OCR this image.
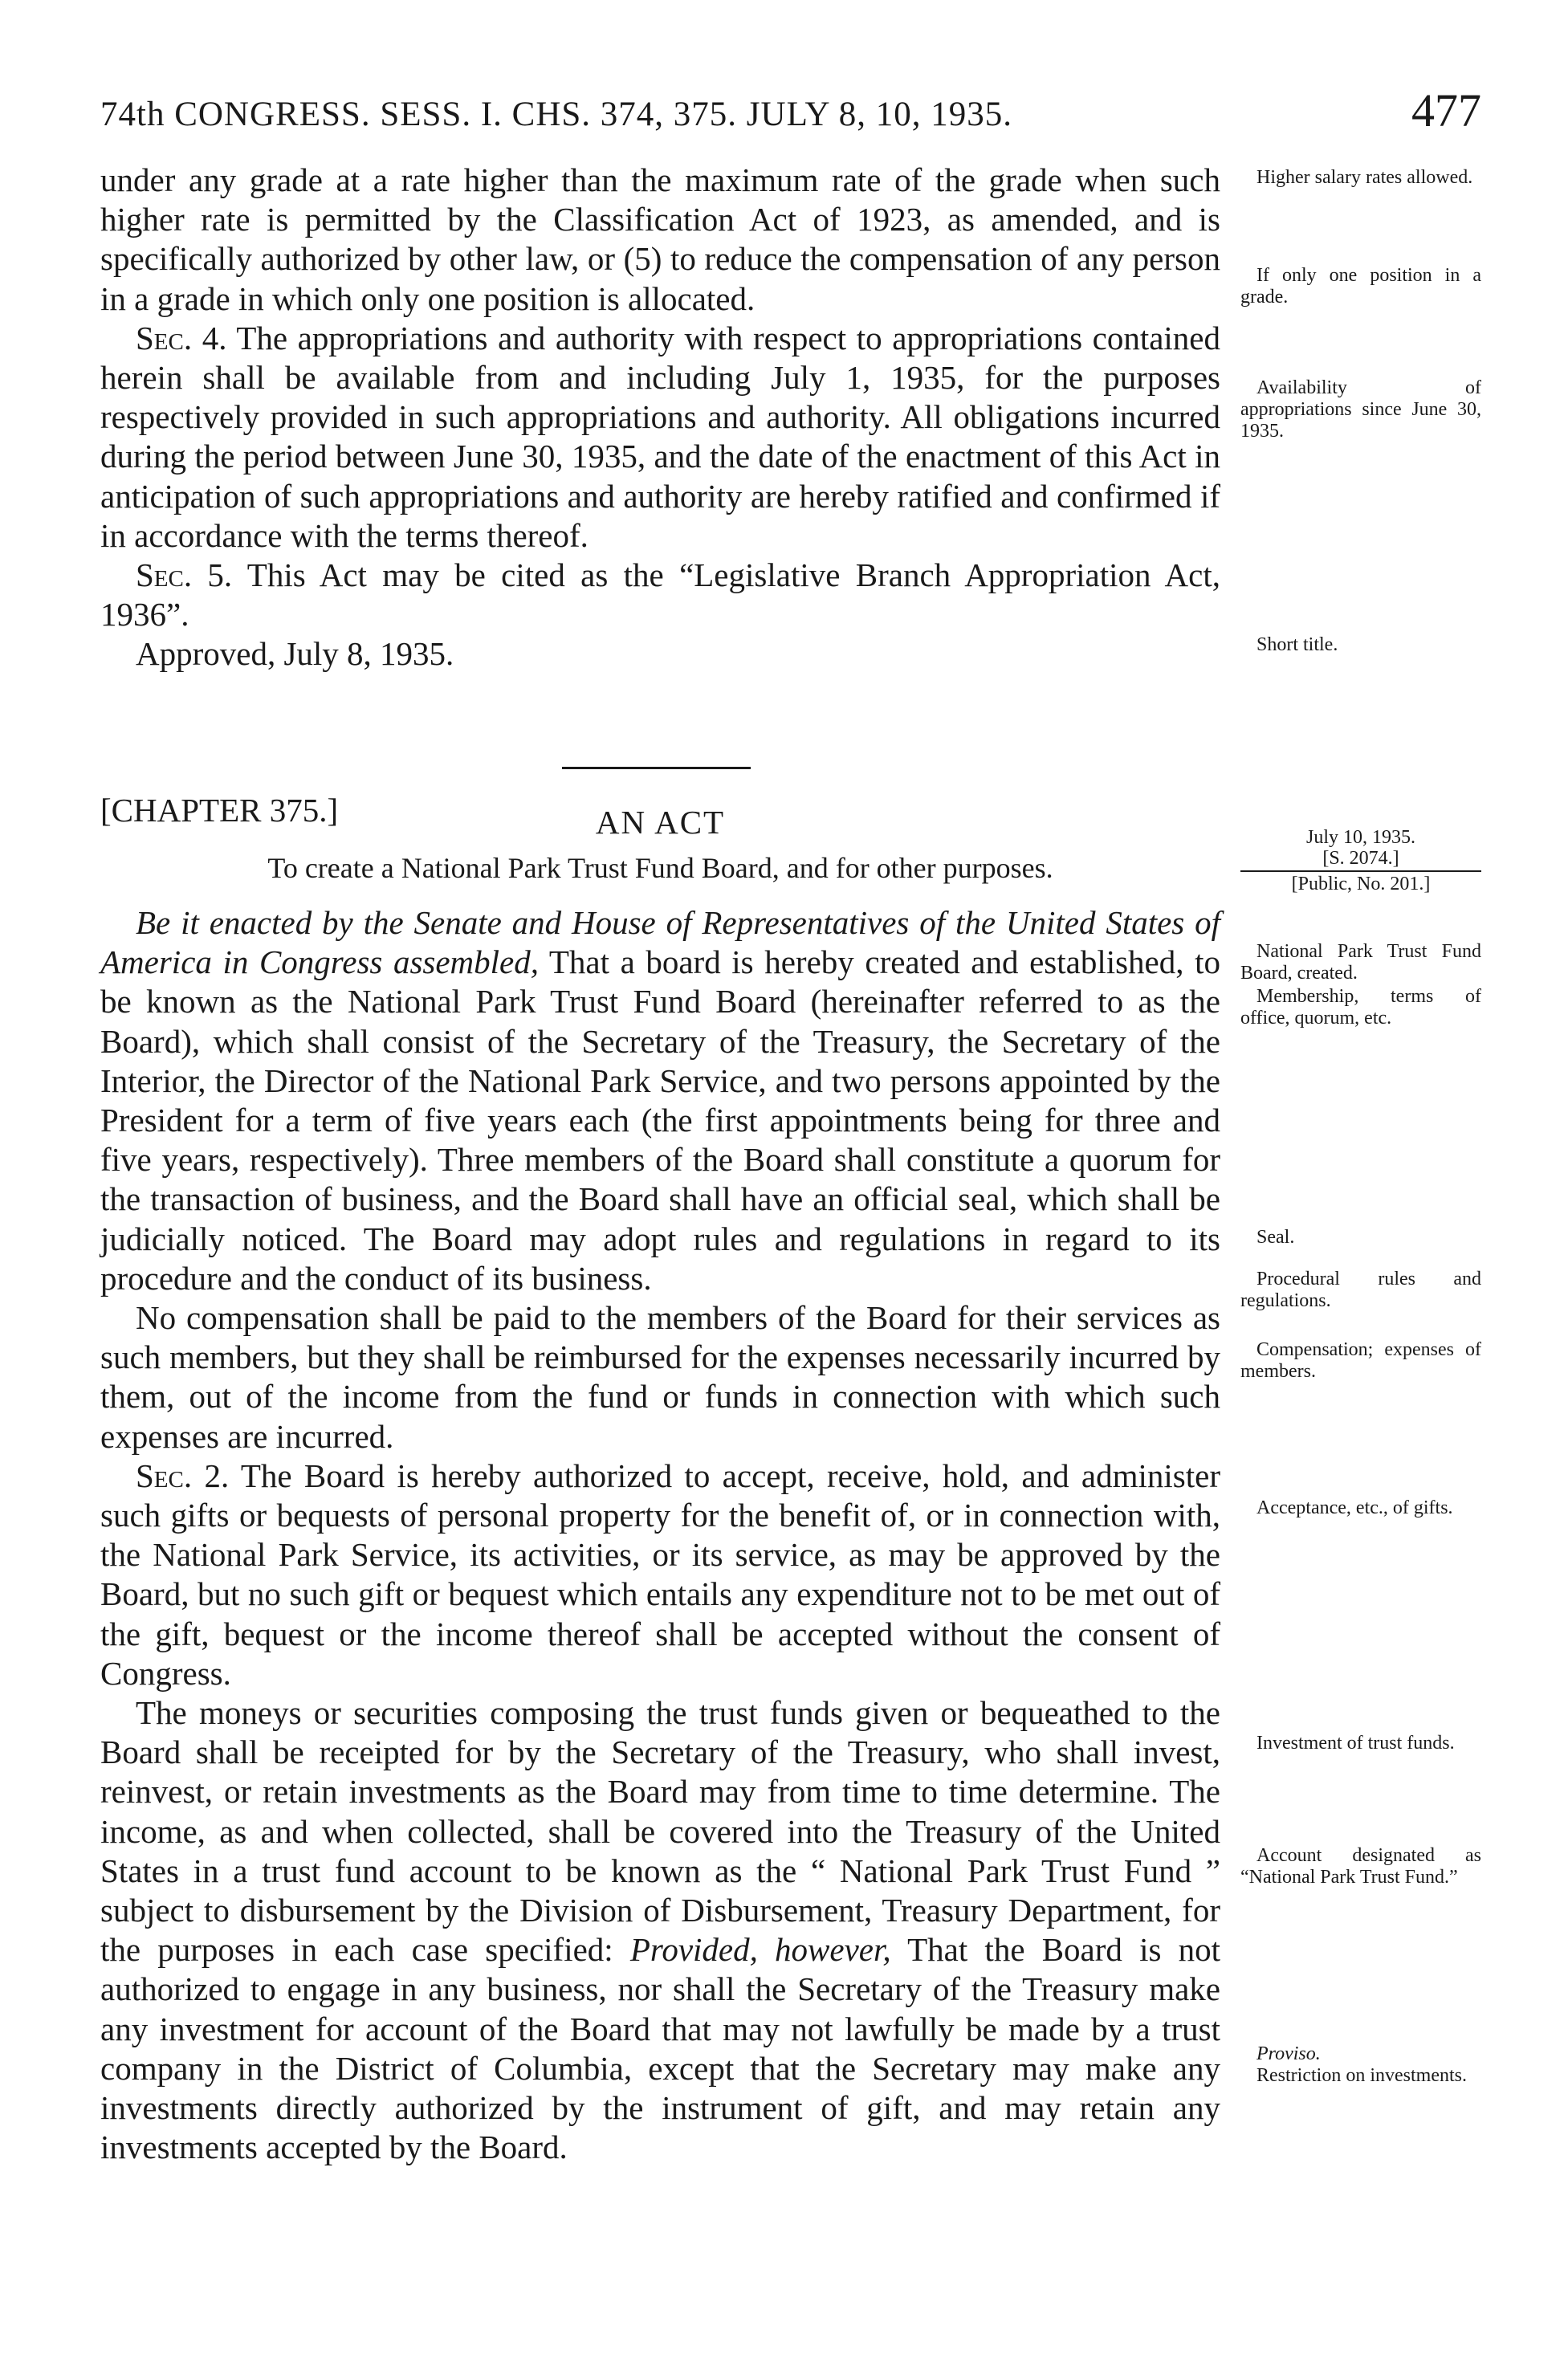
74th CONGRESS. SESS. I. CHS. 374, 375. JULY 8, 10, 1935.	477

under any grade at a rate higher than the maximum rate of the grade when such higher rate is permitted by the Classification Act of 1923, as amended, and is specifically authorized by other law, or (5) to reduce the compensation of any person in a grade in which only one position is allocated.

Sec. 4. The appropriations and authority with respect to appropriations contained herein shall be available from and including July 1, 1935, for the purposes respectively provided in such appropriations and authority. All obligations incurred during the period between June 30, 1935, and the date of the enactment of this Act in anticipation of such appropriations and authority are hereby ratified and confirmed if in accordance with the terms thereof.

Sec. 5. This Act may be cited as the “Legislative Branch Appropriation Act, 1936”.

Approved, July 8, 1935.

Higher salary rates allowed.

If only one position in a grade.

Availability of appropriations since June 30, 1935.

Short title.

[CHAPTER 375.]	AN ACT
To create a National Park Trust Fund Board, and for other purposes.
July 10, 1935.
[S. 2074.]
[Public, No. 201.]

Be it enacted by the Senate and House of Representatives of the United States of America in Congress assembled, That a board is hereby created and established, to be known as the National Park Trust Fund Board (hereinafter referred to as the Board), which shall consist of the Secretary of the Treasury, the Secretary of the Interior, the Director of the National Park Service, and two persons appointed by the President for a term of five years each (the first appointments being for three and five years, respectively). Three members of the Board shall constitute a quorum for the transaction of business, and the Board shall have an official seal, which shall be judicially noticed. The Board may adopt rules and regulations in regard to its procedure and the conduct of its business.

No compensation shall be paid to the members of the Board for their services as such members, but they shall be reimbursed for the expenses necessarily incurred by them, out of the income from the fund or funds in connection with which such expenses are incurred.

Sec. 2. The Board is hereby authorized to accept, receive, hold, and administer such gifts or bequests of personal property for the benefit of, or in connection with, the National Park Service, its activities, or its service, as may be approved by the Board, but no such gift or bequest which entails any expenditure not to be met out of the gift, bequest or the income thereof shall be accepted without the consent of Congress.

The moneys or securities composing the trust funds given or bequeathed to the Board shall be receipted for by the Secretary of the Treasury, who shall invest, reinvest, or retain investments as the Board may from time to time determine. The income, as and when collected, shall be covered into the Treasury of the United States in a trust fund account to be known as the “ National Park Trust Fund ” subject to disbursement by the Division of Disbursement, Treasury Department, for the purposes in each case specified: Provided, however, That the Board is not authorized to engage in any business, nor shall the Secretary of the Treasury make any investment for account of the Board that may not lawfully be made by a trust company in the District of Columbia, except that the Secretary may make any investments directly authorized by the instrument of gift, and may retain any investments accepted by the Board.

National Park Trust Fund Board, created.

Membership, terms of office, quorum, etc.

Seal.

Procedural rules and regulations.

Compensation; expenses of members.

Acceptance, etc., of gifts.

Investment of trust funds.

Account designated as “National Park Trust Fund.”

Proviso.

Restriction on investments.
